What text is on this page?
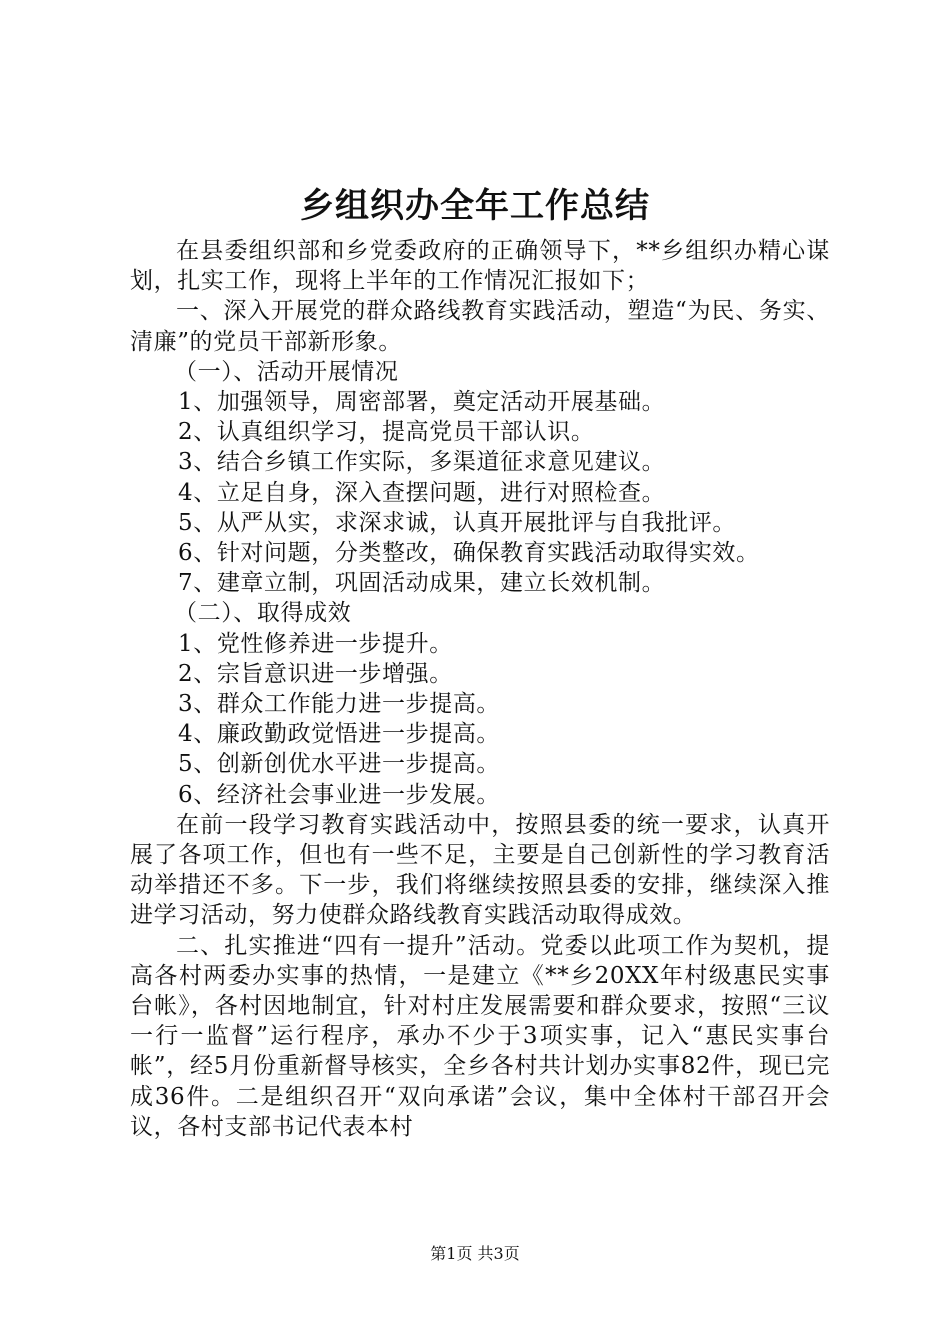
乡组织办全年工作总结

在县委组织部和乡党委政府的正确领导下，**乡组织办精心谋划，扎实工作，现将上半年的工作情况汇报如下；

一、深入开展党的群众路线教育实践活动，塑造“为民、务实、清廉”的党员干部新形象。

（一）、活动开展情况

1、加强领导，周密部署，奠定活动开展基础。

2、认真组织学习，提高党员干部认识。

3、结合乡镇工作实际，多渠道征求意见建议。

4、立足自身，深入查摆问题，进行对照检查。

5、从严从实，求深求诚，认真开展批评与自我批评。

6、针对问题，分类整改，确保教育实践活动取得实效。

7、建章立制，巩固活动成果，建立长效机制。

（二）、取得成效

1、党性修养进一步提升。

2、宗旨意识进一步增强。

3、群众工作能力进一步提高。

4、廉政勤政觉悟进一步提高。

5、创新创优水平进一步提高。

6、经济社会事业进一步发展。

在前一段学习教育实践活动中，按照县委的统一要求，认真开展了各项工作，但也有一些不足，主要是自己创新性的学习教育活动举措还不多。下一步，我们将继续按照县委的安排，继续深入推进学习活动，努力使群众路线教育实践活动取得成效。

二、扎实推进“四有一提升”活动。党委以此项工作为契机，提高各村两委办实事的热情，一是建立《**乡20XX年村级惠民实事台帐》，各村因地制宜，针对村庄发展需要和群众要求，按照“三议一行一监督”运行程序，承办不少于3项实事，记入“惠民实事台帐”，经5月份重新督导核实，全乡各村共计划办实事82件，现已完成36件。二是组织召开“双向承诺”会议，集中全体村干部召开会议，各村支部书记代表本村

第1页 共3页
